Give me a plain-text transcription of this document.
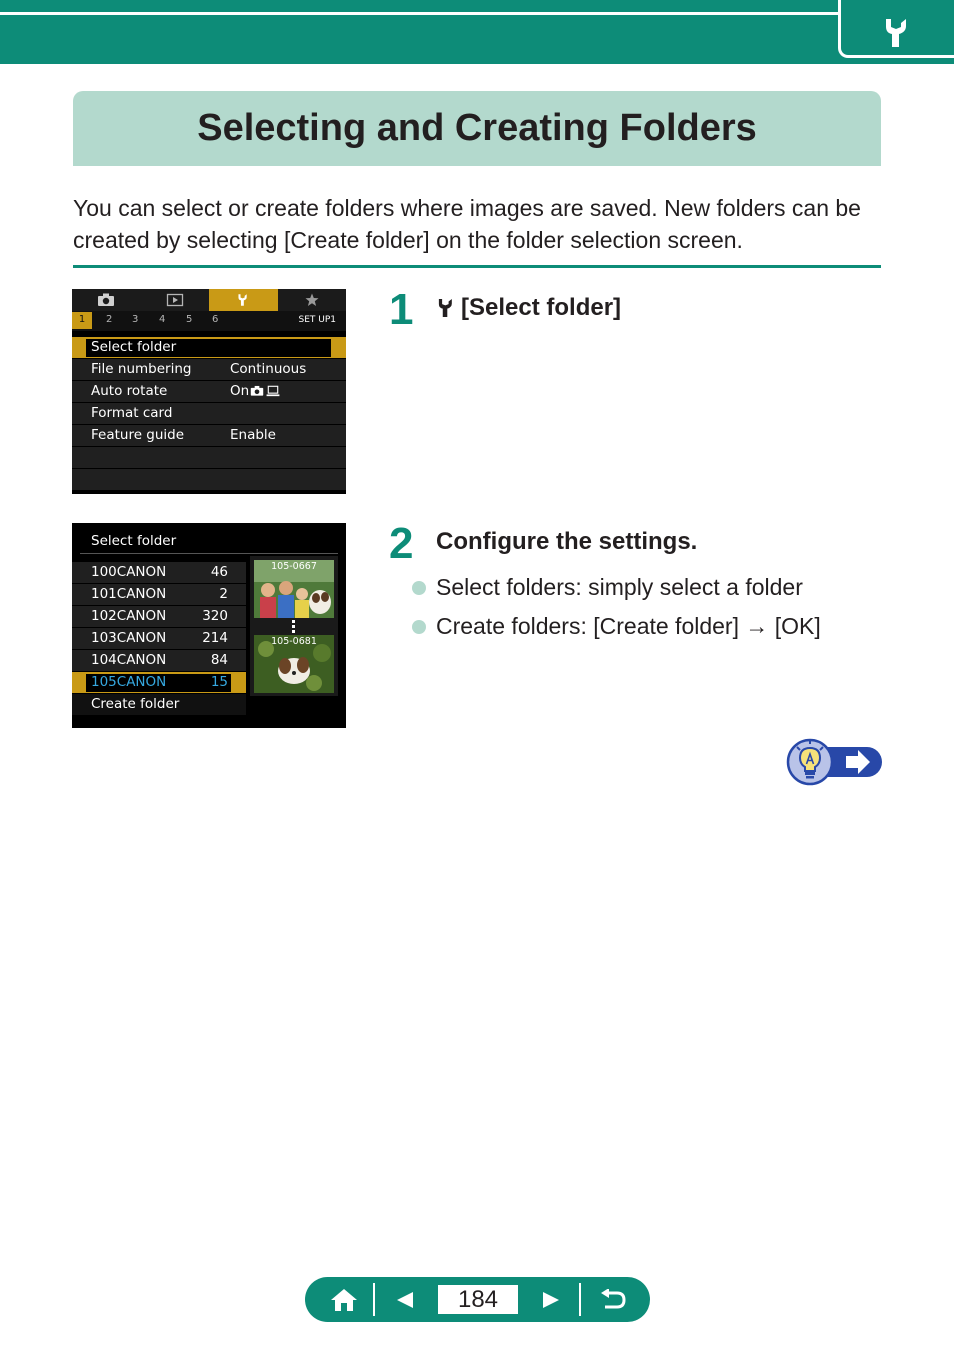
Selecting and Creating Folders

You can select or create folders where images are saved. New folders can be created by selecting [Create folder] on the folder selection screen.

1	2 3 4 5 6	SET UP1
Select folder
File numbering	Continuous
Auto rotate	On
Format card
Feature guide	Enable
1 [Select folder]
Select folder
100CANON	46
101CANON	2
102CANON	320
103CANON	214
104CANON	84
105CANON	15
Create folder
105-0667
105-0681
2 Configure the settings.
Select folders: simply select a folder
Create folders: [Create folder] → [OK]
184
